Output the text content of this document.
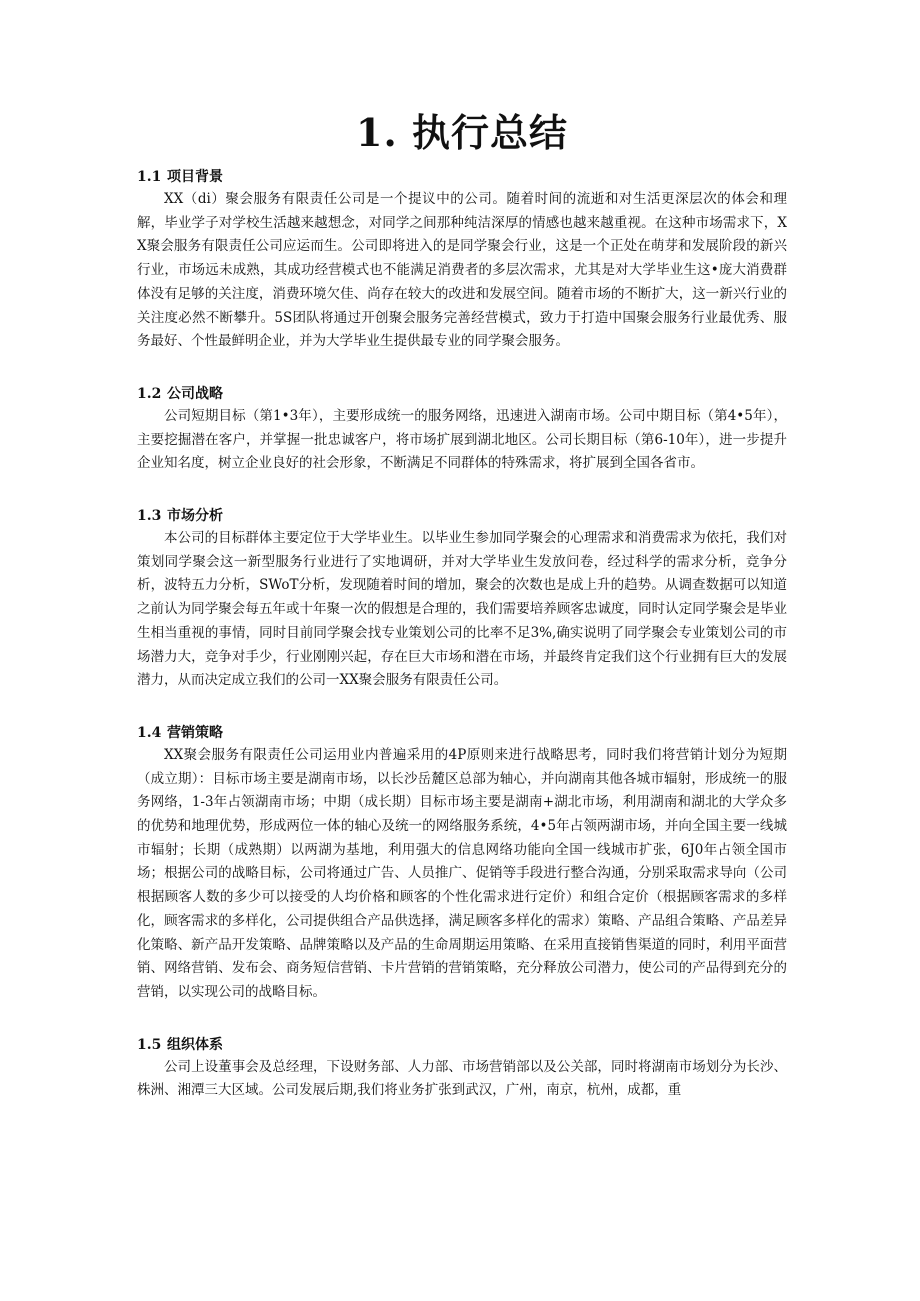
1. 执行总结

1.1 项目背景

XX（di）聚会服务有限责任公司是一个提议中的公司。随着时间的流逝和对生活更深层次的体会和理解，毕业学子对学校生活越来越想念，对同学之间那种纯洁深厚的情感也越来越重视。在这种市场需求下，XX聚会服务有限责任公司应运而生。公司即将进入的是同学聚会行业，这是一个正处在萌芽和发展阶段的新兴行业，市场远未成熟，其成功经营模式也不能满足消费者的多层次需求，尤其是对大学毕业生这•庞大消费群体没有足够的关注度，消费环境欠佳、尚存在较大的改进和发展空间。随着市场的不断扩大，这一新兴行业的关注度必然不断攀升。5S团队将通过开创聚会服务完善经营模式，致力于打造中国聚会服务行业最优秀、服务最好、个性最鲜明企业，并为大学毕业生提供最专业的同学聚会服务。

1.2 公司战略

公司短期目标（第1•3年），主要形成统一的服务网络，迅速进入湖南市场。公司中期目标（第4•5年），主要挖掘潜在客户，并掌握一批忠诚客户，将市场扩展到湖北地区。公司长期目标（第6-10年），进一步提升企业知名度，树立企业良好的社会形象，不断满足不同群体的特殊需求，将扩展到全国各省市。

1.3 市场分析

本公司的目标群体主要定位于大学毕业生。以毕业生参加同学聚会的心理需求和消费需求为依托，我们对策划同学聚会这一新型服务行业进行了实地调研，并对大学毕业生发放问卷，经过科学的需求分析，竞争分析，波特五力分析，SWoT分析，发现随着时间的增加，聚会的次数也是成上升的趋势。从调查数据可以知道之前认为同学聚会每五年或十年聚一次的假想是合理的，我们需要培养顾客忠诚度，同时认定同学聚会是毕业生相当重视的事情，同时目前同学聚会找专业策划公司的比率不足3%,确实说明了同学聚会专业策划公司的市场潜力大，竞争对手少，行业刚刚兴起，存在巨大市场和潜在市场，并最终肯定我们这个行业拥有巨大的发展潜力，从而决定成立我们的公司一XX聚会服务有限责任公司。

1.4 营销策略

XX聚会服务有限责任公司运用业内普遍采用的4P原则来进行战略思考，同时我们将营销计划分为短期（成立期）：目标市场主要是湖南市场，以长沙岳麓区总部为轴心，并向湖南其他各城市辐射，形成统一的服务网络，1-3年占领湖南市场；中期（成长期）目标市场主要是湖南+湖北市场，利用湖南和湖北的大学众多的优势和地理优势，形成两位一体的轴心及统一的网络服务系统，4•5年占领两湖市场，并向全国主要一线城市辐射；长期（成熟期）以两湖为基地，利用强大的信息网络功能向全国一线城市扩张，6J0年占领全国市场；根据公司的战略目标，公司将通过广告、人员推广、促销等手段进行整合沟通，分别采取需求导向（公司根据顾客人数的多少可以接受的人均价格和顾客的个性化需求进行定价）和组合定价（根据顾客需求的多样化，顾客需求的多样化，公司提供组合产品供选择，满足顾客多样化的需求）策略、产品组合策略、产品差异化策略、新产品开发策略、品牌策略以及产品的生命周期运用策略、在采用直接销售渠道的同时，利用平面营销、网络营销、发布会、商务短信营销、卡片营销的营销策略，充分释放公司潜力，使公司的产品得到充分的营销，以实现公司的战略目标。

1.5 组织体系

公司上设董事会及总经理，下设财务部、人力部、市场营销部以及公关部，同时将湖南市场划分为长沙、株洲、湘潭三大区域。公司发展后期,我们将业务扩张到武汉，广州，南京，杭州，成都，重
